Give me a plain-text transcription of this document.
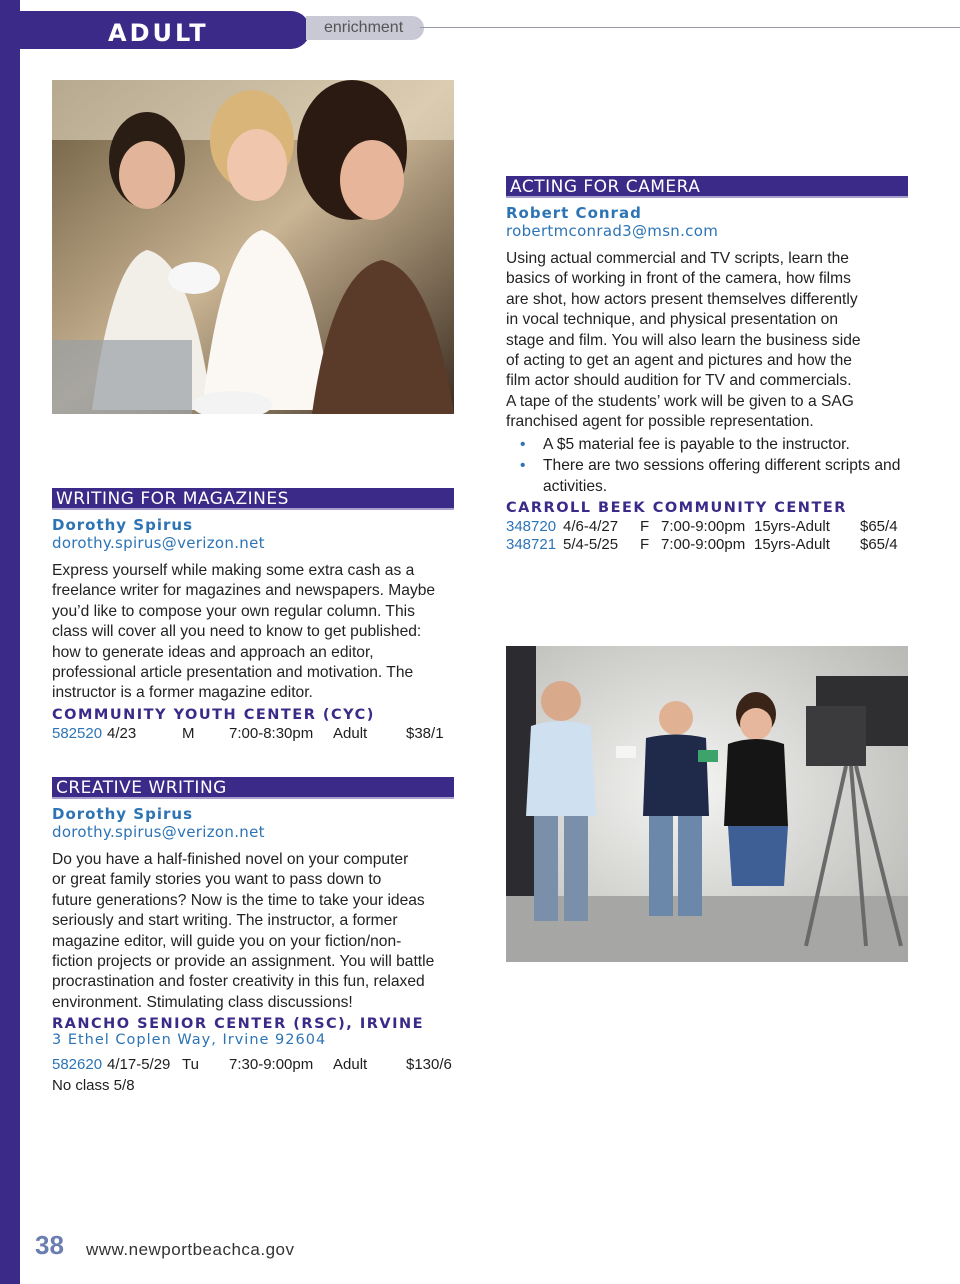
ADULT	enrichment
WRITING FOR MAGAZINES
Dorothy Spirus
dorothy.spirus@verizon.net
Express yourself while making some extra cash as a
freelance writer for magazines and newspapers. Maybe
you’d like to compose your own regular column. This
class will cover all you need to know to get published:
how to generate ideas and approach an editor,
professional article presentation and motivation. The
instructor is a former magazine editor.
COMMUNITY YOUTH CENTER (CYC)
582520 4/23	M 7:00-8:30pm Adult	$38/1
CREATIVE WRITING
Dorothy Spirus
dorothy.spirus@verizon.net
Do you have a half-finished novel on your computer
or great family stories you want to pass down to
future generations? Now is the time to take your ideas
seriously and start writing. The instructor, a former
magazine editor, will guide you on your fiction/non-
fiction projects or provide an assignment. You will battle
procrastination and foster creativity in this fun, relaxed
environment. Stimulating class discussions!
RANCHO SENIOR CENTER (RSC), IRVINE
3 Ethel Coplen Way, Irvine 92604
582620 4/17-5/29 Tu 7:30-9:00pm Adult	$130/6
No class 5/8
ACTING FOR CAMERA
Robert Conrad
robertmconrad3@msn.com
Using actual commercial and TV scripts, learn the
basics of working in front of the camera, how films
are shot, how actors present themselves differently
in vocal technique, and physical presentation on
stage and film. You will also learn the business side
of acting to get an agent and pictures and how the
film actor should audition for TV and commercials.
A tape of the students’ work will be given to a SAG
franchised agent for possible representation.
• A $5 material fee is payable to the instructor.
• There are two sessions offering different scripts and activities.
CARROLL BEEK COMMUNITY CENTER
348720 4/6-4/27 F 7:00-9:00pm 15yrs-Adult $65/4
348721 5/4-5/25 F 7:00-9:00pm 15yrs-Adult $65/4
38 www.newportbeachca.gov
